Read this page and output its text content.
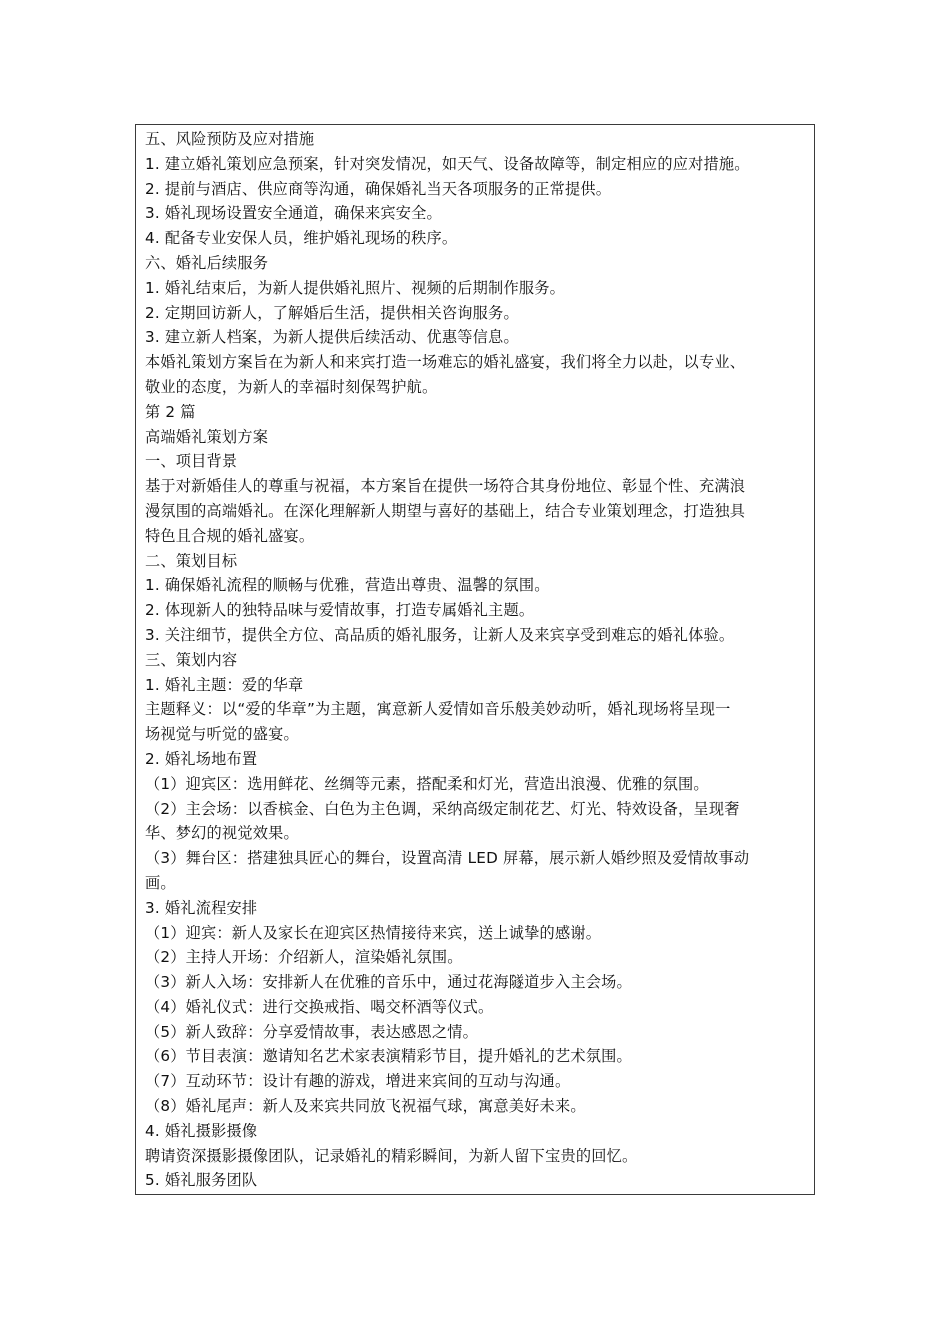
五、风险预防及应对措施
1. 建立婚礼策划应急预案，针对突发情况，如天气、设备故障等，制定相应的应对措施。
2. 提前与酒店、供应商等沟通，确保婚礼当天各项服务的正常提供。
3. 婚礼现场设置安全通道，确保来宾安全。
4. 配备专业安保人员，维护婚礼现场的秩序。
六、婚礼后续服务
1. 婚礼结束后，为新人提供婚礼照片、视频的后期制作服务。
2. 定期回访新人，了解婚后生活，提供相关咨询服务。
3. 建立新人档案，为新人提供后续活动、优惠等信息。
本婚礼策划方案旨在为新人和来宾打造一场难忘的婚礼盛宴，我们将全力以赴，以专业、
敬业的态度，为新人的幸福时刻保驾护航。
第 2 篇
高端婚礼策划方案
一、项目背景
基于对新婚佳人的尊重与祝福，本方案旨在提供一场符合其身份地位、彰显个性、充满浪
漫氛围的高端婚礼。在深化理解新人期望与喜好的基础上，结合专业策划理念，打造独具
特色且合规的婚礼盛宴。
二、策划目标
1. 确保婚礼流程的顺畅与优雅，营造出尊贵、温馨的氛围。
2. 体现新人的独特品味与爱情故事，打造专属婚礼主题。
3. 关注细节，提供全方位、高品质的婚礼服务，让新人及来宾享受到难忘的婚礼体验。
三、策划内容
1. 婚礼主题：爱的华章
主题释义：以“爱的华章”为主题，寓意新人爱情如音乐般美妙动听，婚礼现场将呈现一
场视觉与听觉的盛宴。
2. 婚礼场地布置
（1）迎宾区：选用鲜花、丝绸等元素，搭配柔和灯光，营造出浪漫、优雅的氛围。
（2）主会场：以香槟金、白色为主色调，采纳高级定制花艺、灯光、特效设备，呈现奢
华、梦幻的视觉效果。
（3）舞台区：搭建独具匠心的舞台，设置高清 LED 屏幕，展示新人婚纱照及爱情故事动
画。
3. 婚礼流程安排
（1）迎宾：新人及家长在迎宾区热情接待来宾，送上诚挚的感谢。
（2）主持人开场：介绍新人，渲染婚礼氛围。
（3）新人入场：安排新人在优雅的音乐中，通过花海隧道步入主会场。
（4）婚礼仪式：进行交换戒指、喝交杯酒等仪式。
（5）新人致辞：分享爱情故事，表达感恩之情。
（6）节目表演：邀请知名艺术家表演精彩节目，提升婚礼的艺术氛围。
（7）互动环节：设计有趣的游戏，增进来宾间的互动与沟通。
（8）婚礼尾声：新人及来宾共同放飞祝福气球，寓意美好未来。
4. 婚礼摄影摄像
聘请资深摄影摄像团队，记录婚礼的精彩瞬间，为新人留下宝贵的回忆。
5. 婚礼服务团队
